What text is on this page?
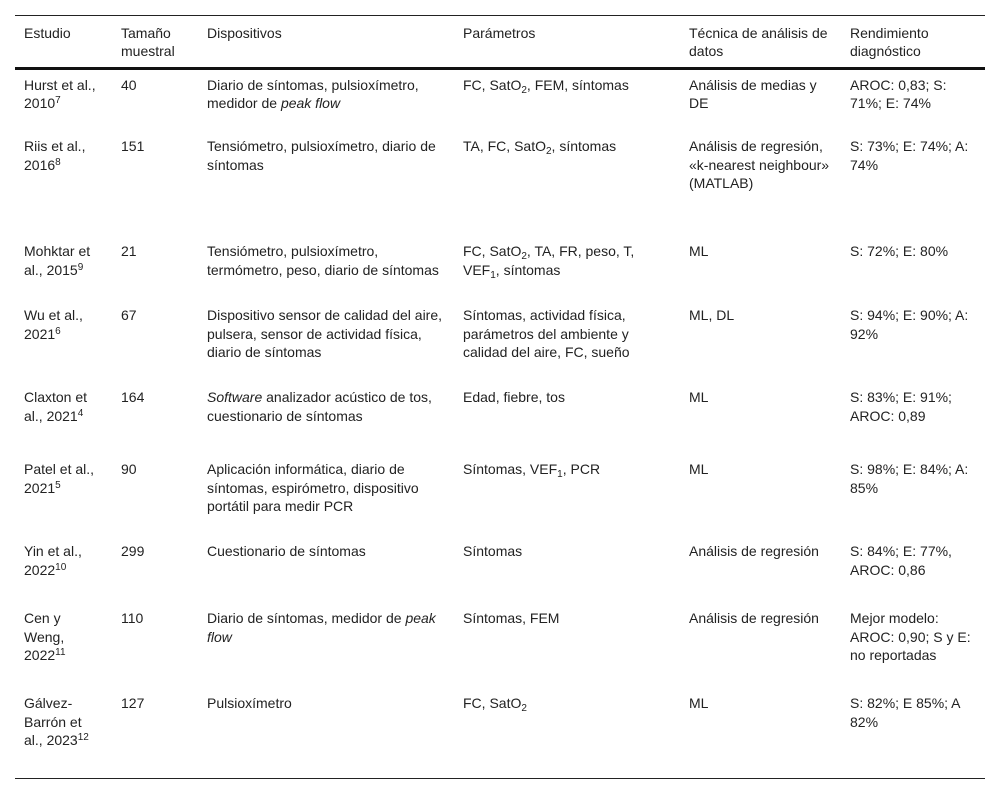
Estudio	Tamaño muestral	Dispositivos	Parámetros	Técnica de análisis de datos	Rendimiento diagnóstico
Hurst et al., 2010$^7$	40	Diario de síntomas, pulsioxímetro, medidor de peak flow	FC, SatO$_2$, FEM, síntomas	Análisis de medias y DE	AROC: 0,83; S: 71%; E: 74%
Riis et al., 2016$^8$	151	Tensiómetro, pulsioxímetro, diario de síntomas	TA, FC, SatO$_2$, síntomas	Análisis de regresión, «k-nearest neighbour» (MATLAB)	S: 73%; E: 74%; A: 74%
Mohktar et al., 2015$^9$	21	Tensiómetro, pulsioxímetro, termómetro, peso, diario de síntomas	FC, SatO$_2$, TA, FR, peso, T, $VEF_1$, síntomas	ML	S: 72%; E: 80%
Wu et al., 2021$^6$	67	Dispositivo sensor de calidad del aire, pulsera, sensor de actividad física, diario de síntomas	Síntomas, actividad física, parámetros del ambiente y calidad del aire, FC, sueño	ML, DL	S: 94%; E: 90%; A: 92%
Claxton et al., 2021$^4$	164	Software analizador acústico de tos, cuestionario de síntomas	Edad, fiebre, tos	ML	S: 83%; E: 91%; AROC: 0,89
Patel et al., 2021$^5$	90	Aplicación informática, diario de síntomas, espirómetro, dispositivo portátil para medir PCR	Síntomas, $VEF_1$, PCR	ML	S: 98%; E: 84%; A: 85%
Yin et al., 2022$^{10}$	299	Cuestionario de síntomas	Síntomas	Análisis de regresión	S: 84%; E: 77%, AROC: 0,86
Cen y Weng, 2022$^{11}$	110	Diario de síntomas, medidor de peak flow	Síntomas, FEM	Análisis de regresión	Mejor modelo: AROC: 0,90; S y E: no reportadas
Gálvez-Barrón et al., 2023$^{12}$	127	Pulsioxímetro	FC, SatO$_2$	ML	S: 82%; E 85%; A 82%
